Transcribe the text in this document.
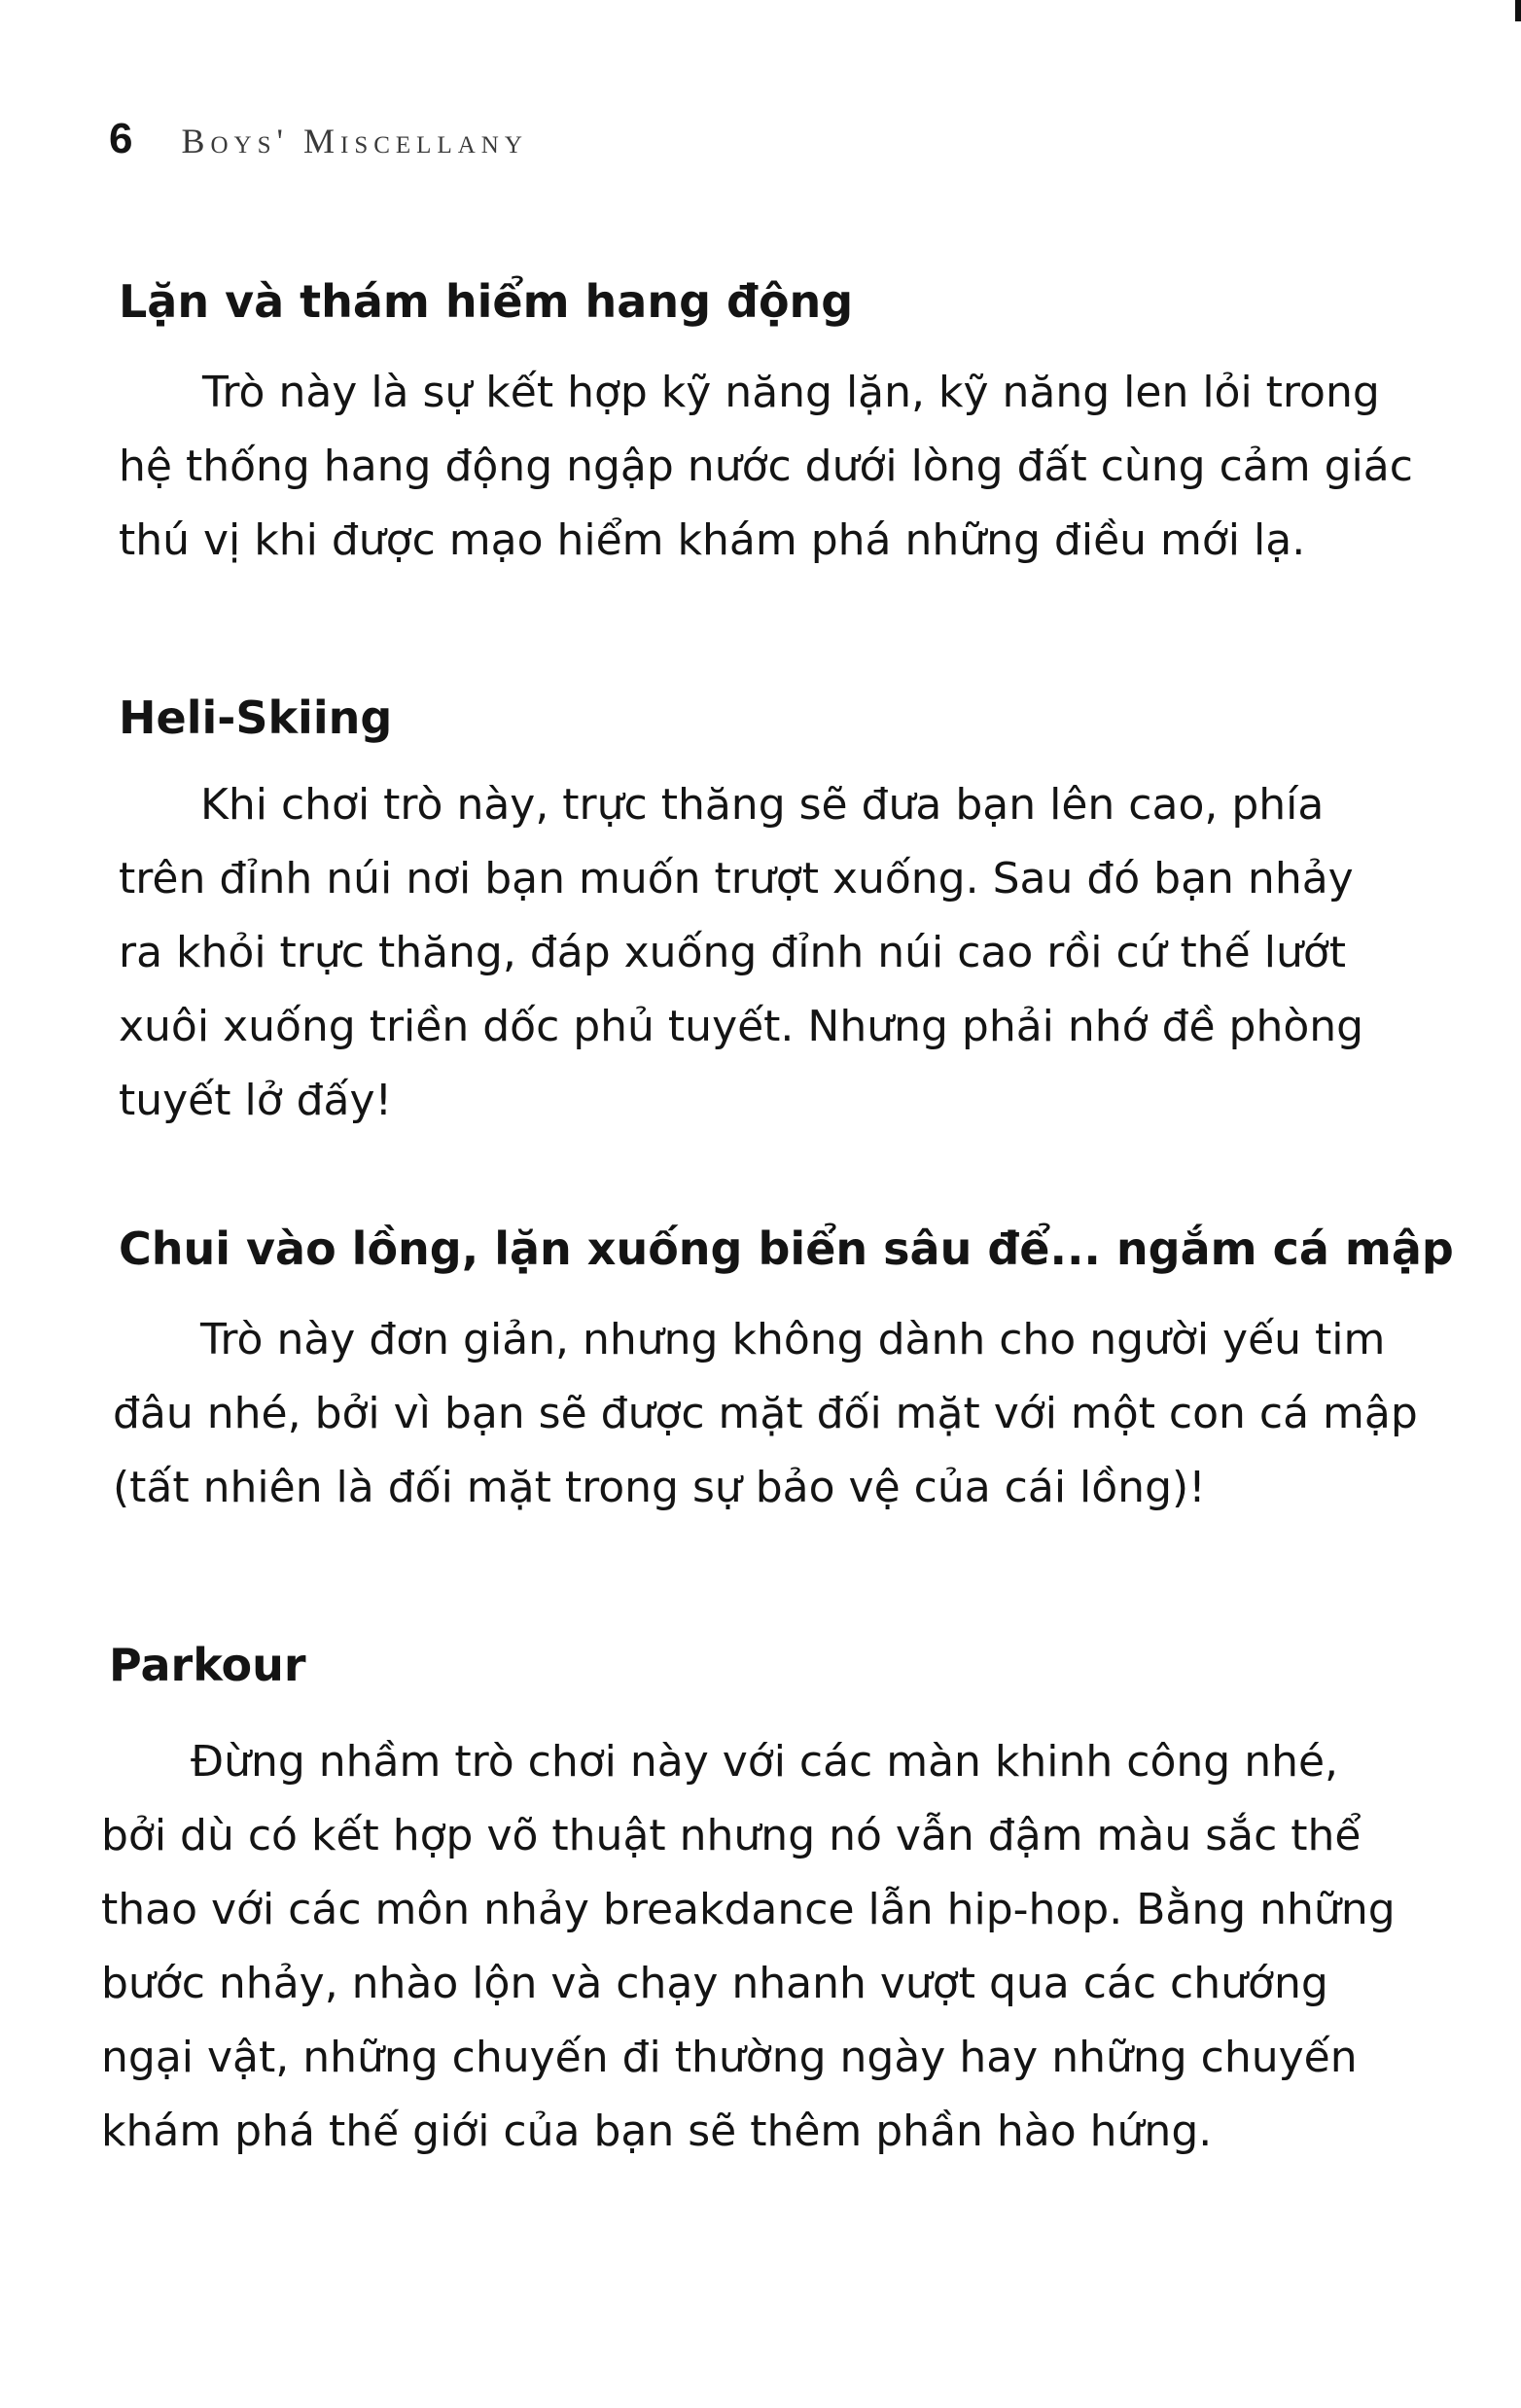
6 Boys' Miscellany
Lặn và thám hiểm hang động
Trò này là sự kết hợp kỹ năng lặn, kỹ năng len lỏi trong
hệ thống hang động ngập nước dưới lòng đất cùng cảm giác
thú vị khi được mạo hiểm khám phá những điều mới lạ.
Heli-Skiing
Khi chơi trò này, trực thăng sẽ đưa bạn lên cao, phía
trên đỉnh núi nơi bạn muốn trượt xuống. Sau đó bạn nhảy
ra khỏi trực thăng, đáp xuống đỉnh núi cao rồi cứ thế lướt
xuôi xuống triền dốc phủ tuyết. Nhưng phải nhớ đề phòng
tuyết lở đấy!
Chui vào lồng, lặn xuống biển sâu để... ngắm cá mập
Trò này đơn giản, nhưng không dành cho người yếu tim
đâu nhé, bởi vì bạn sẽ được mặt đối mặt với một con cá mập
(tất nhiên là đối mặt trong sự bảo vệ của cái lồng)!
Parkour
Đừng nhầm trò chơi này với các màn khinh công nhé,
bởi dù có kết hợp võ thuật nhưng nó vẫn đậm màu sắc thể
thao với các môn nhảy breakdance lẫn hip-hop. Bằng những
bước nhảy, nhào lộn và chạy nhanh vượt qua các chướng
ngại vật, những chuyến đi thường ngày hay những chuyến
khám phá thế giới của bạn sẽ thêm phần hào hứng.
